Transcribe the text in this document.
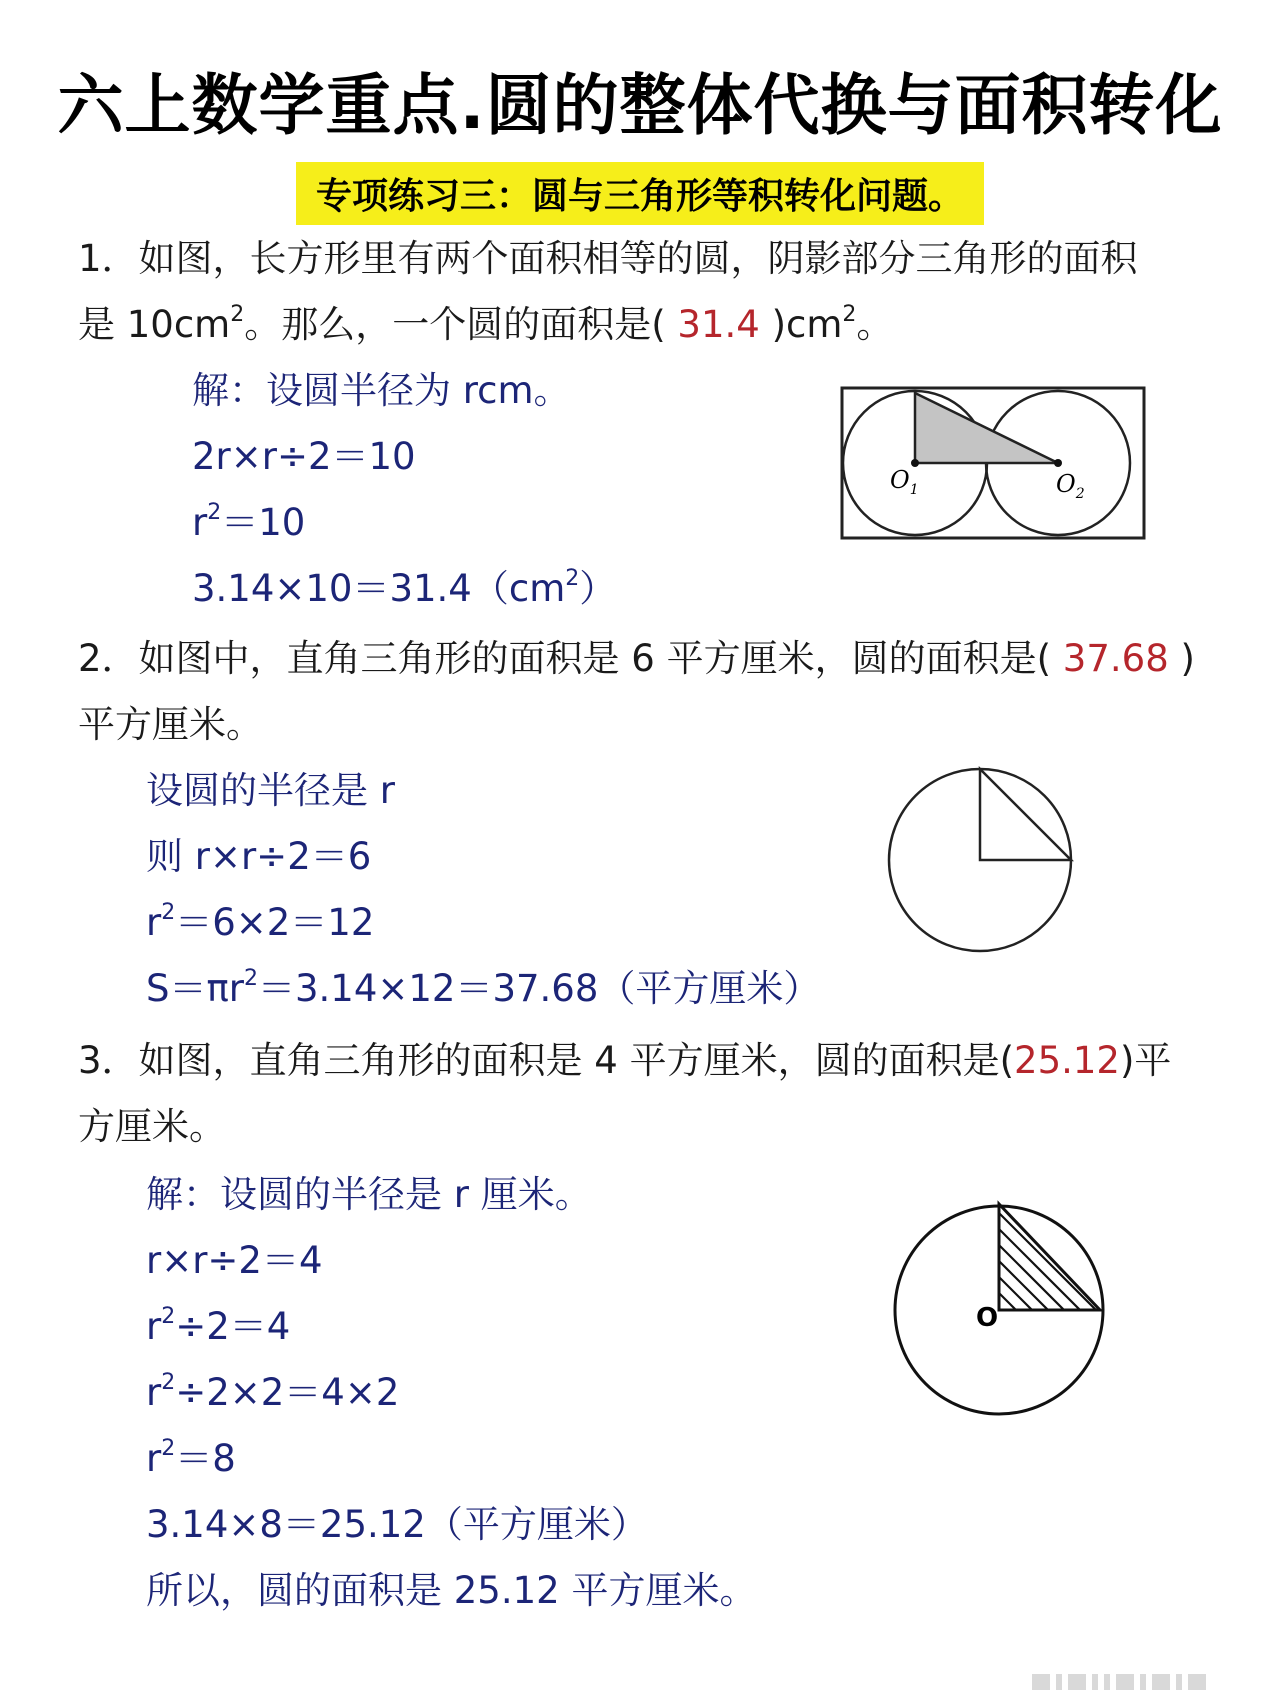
六上数学重点.圆的整体代换与面积转化
专项练习三：圆与三角形等积转化问题。
1．如图，长方形里有两个面积相等的圆，阴影部分三角形的面积
是 $10cm^2$。那么，一个圆的面积是( 31.4 )$cm^2$。
解：设圆半径为 rcm。
2r×r÷2＝10
$r^2=10$
$3.14\times 10=31.4(cm^2)$
$O_1$	$O_2$
2．如图中，直角三角形的面积是 6 平方厘米，圆的面积是( 37.68 )
平方厘米。
设圆的半径是 r
则 r×r÷2＝6
$r^2=6\times 2=12$
$S=\pi r^2=3.14\times 12=37.68$（平方厘米）
3．如图，直角三角形的面积是 4 平方厘米，圆的面积是(25.12)平
方厘米。
解：设圆的半径是 r 厘米。
r×r÷2＝4
$r^2\div 2=4$
$r^2\div 2\times 2=4\times 2$
$r^2=8$
3.14×8＝25.12（平方厘米）
所以，圆的面积是 25.12 平方厘米。
O
